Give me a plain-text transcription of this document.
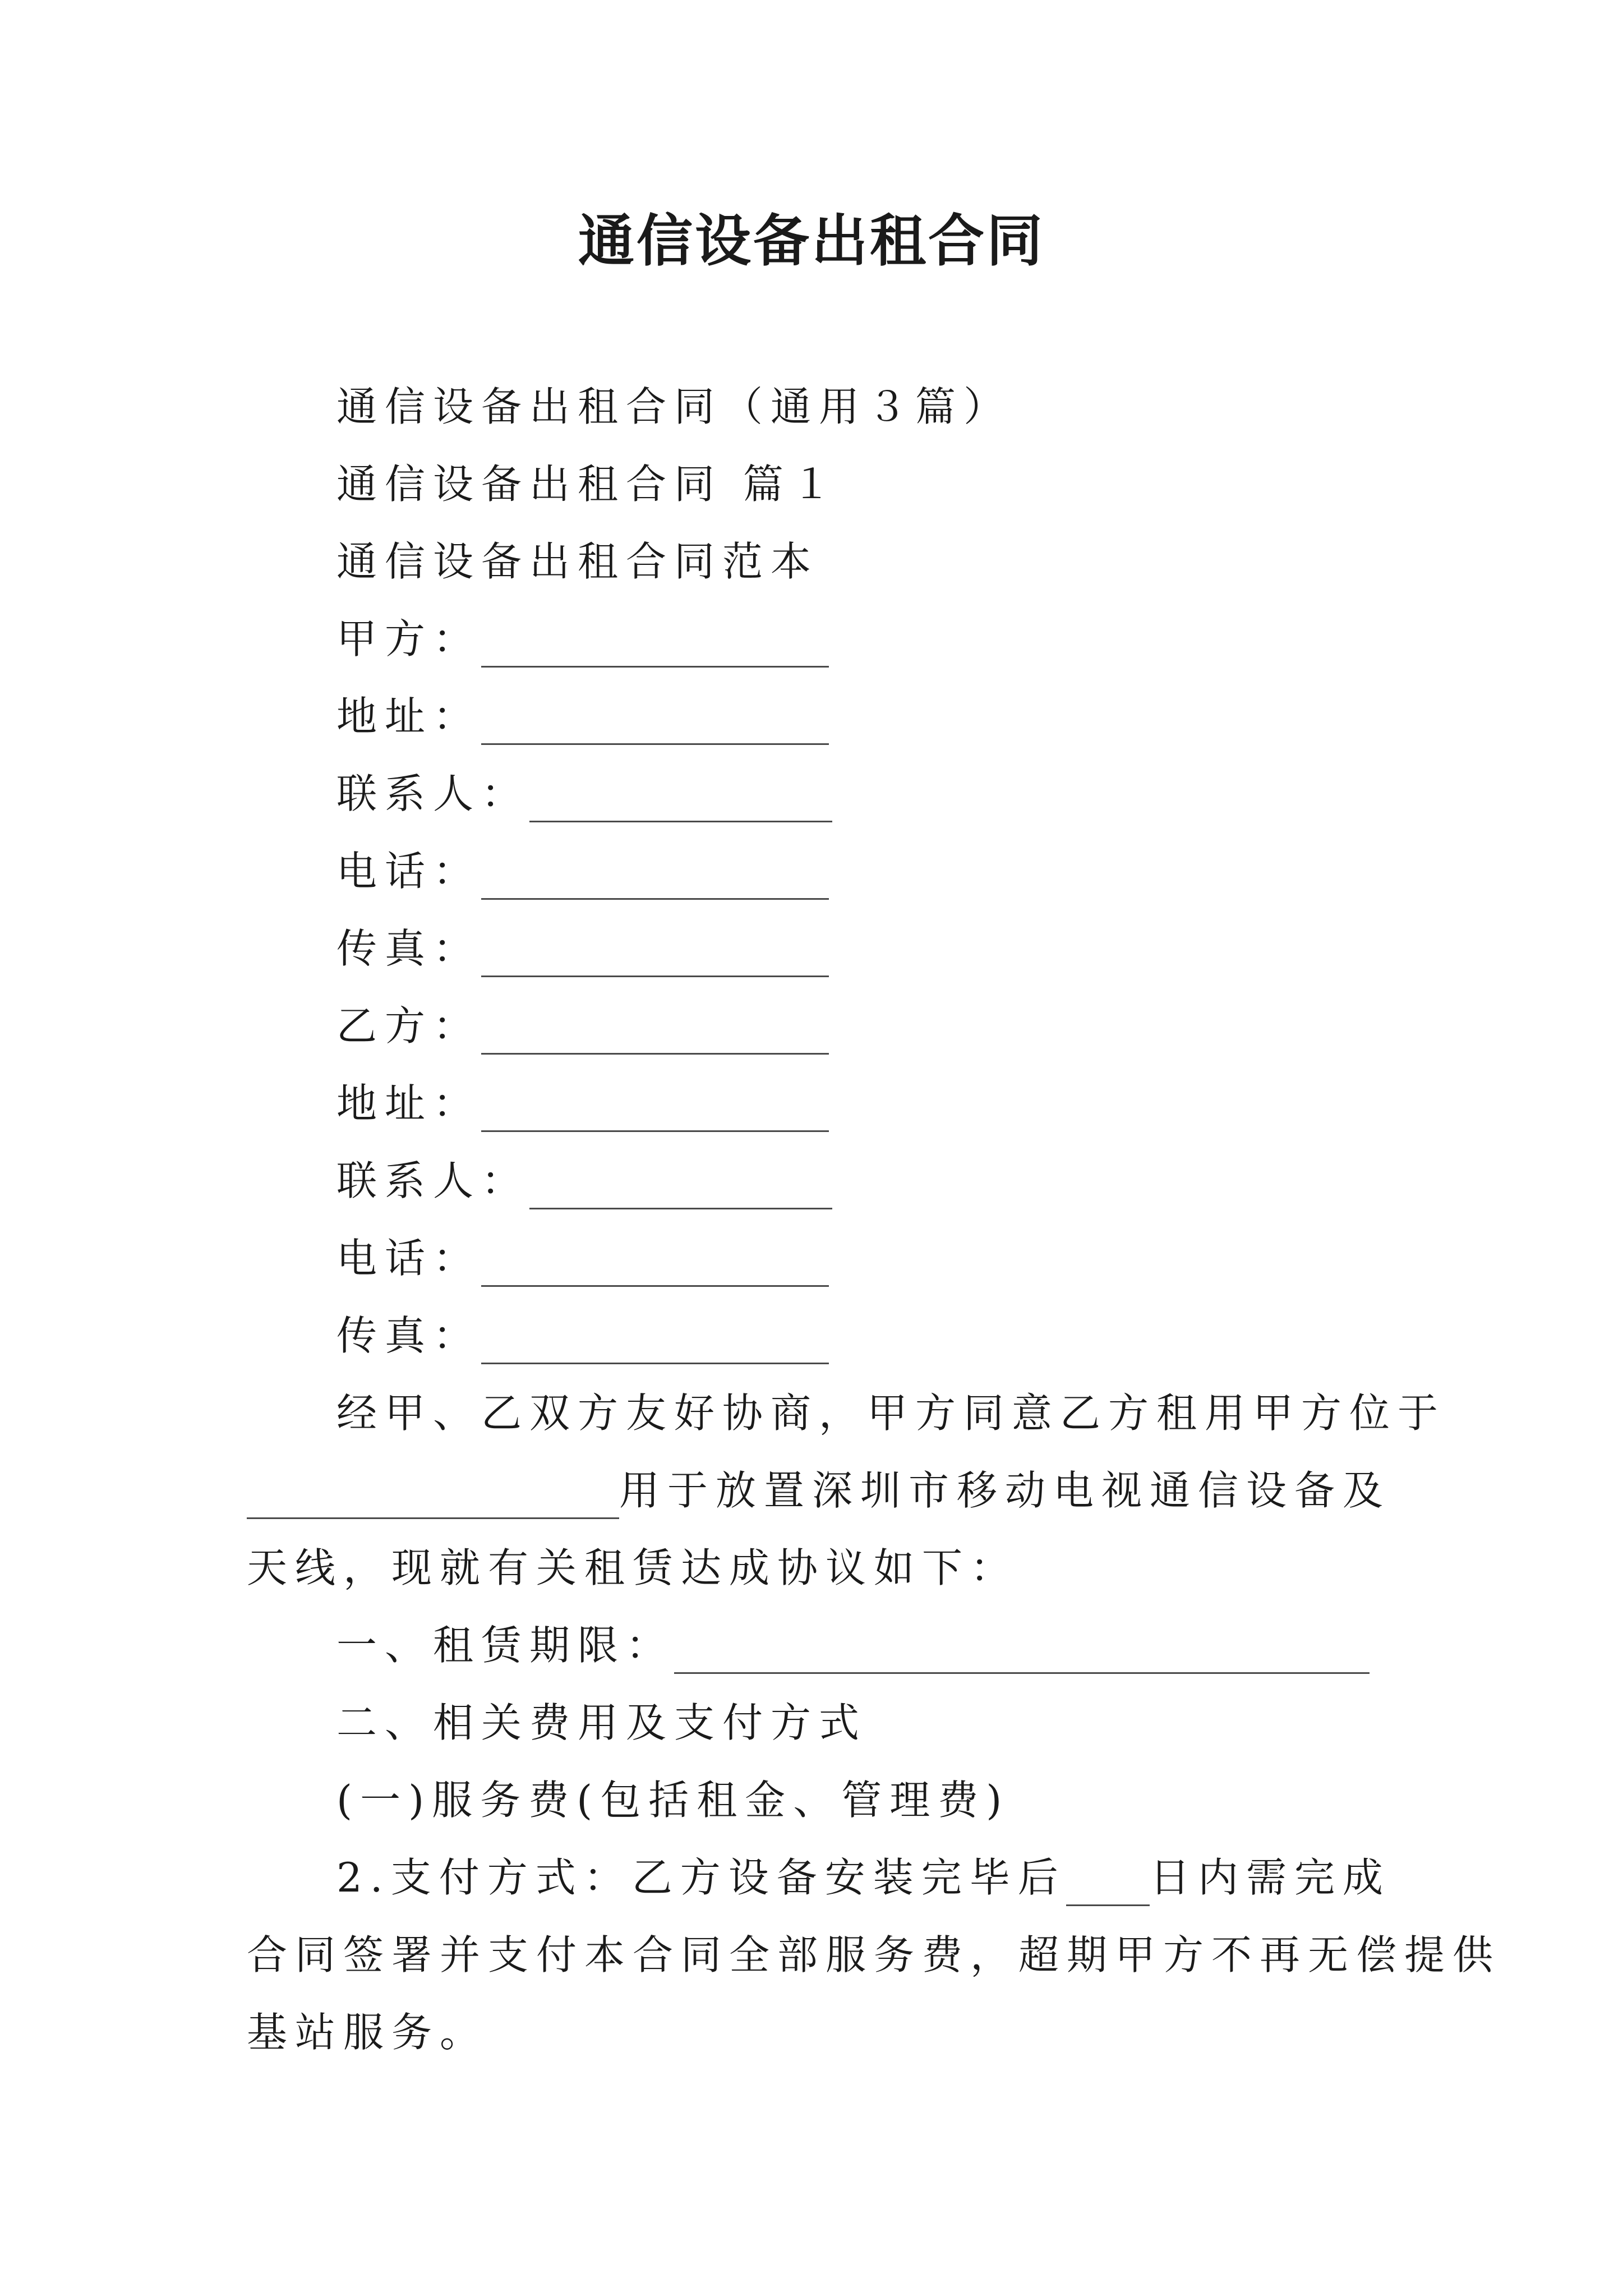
通信设备出租合同
通信设备出租合同（通用３篇）
通信设备出租合同 篇１
通信设备出租合同范本
甲方：
地址：
联系人：
电话：
传真：
乙方：
地址：
联系人：
电话：
传真：
经甲、乙双方友好协商，甲方同意乙方租用甲方位于
用于放置深圳市移动电视通信设备及
天线，现就有关租赁达成协议如下：
一、租赁期限：
二、相关费用及支付方式
(一)服务费(包括租金、管理费)
2.支付方式：乙方设备安装完毕后 日内需完成
合同签署并支付本合同全部服务费，超期甲方不再无偿提供
基站服务。
